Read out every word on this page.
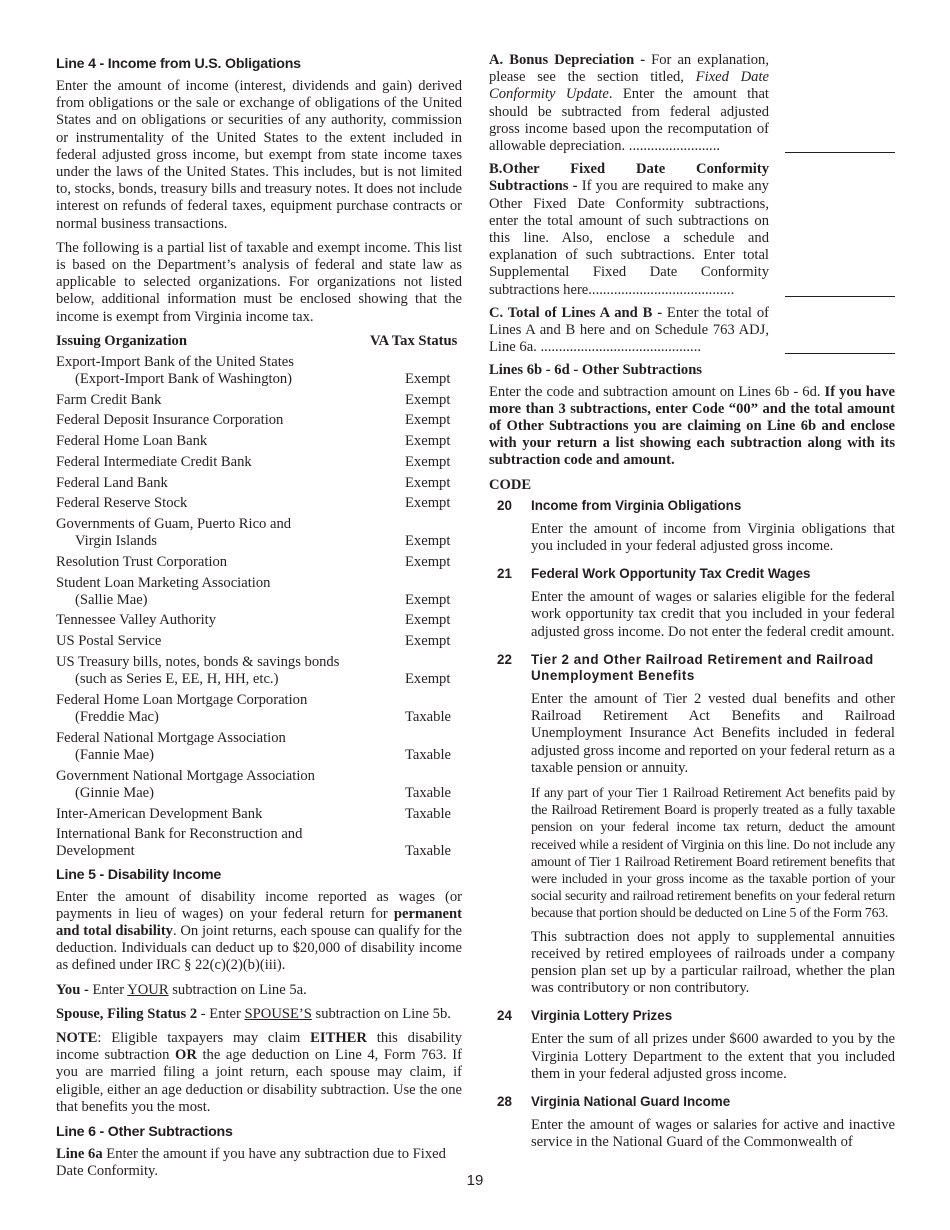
Line 4 - Income from U.S. Obligations

Enter the amount of income (interest, dividends and gain) derived from obligations or the sale or exchange of obligations of the United States and on obligations or securities of any authority, commission or instrumentality of the United States to the extent included in federal adjusted gross income, but exempt from state income taxes under the laws of the United States. This includes, but is not limited to, stocks, bonds, treasury bills and treasury notes. It does not include interest on refunds of federal taxes, equipment purchase contracts or normal business transactions.

The following is a partial list of taxable and exempt income. This list is based on the Department’s analysis of federal and state law as applicable to selected organizations. For organizations not listed below, additional information must be enclosed showing that the income is exempt from Virginia income tax.

Issuing Organization	VA Tax Status
Export-Import Bank of the United States
(Export-Import Bank of Washington)	Exempt
Farm Credit Bank	Exempt
Federal Deposit Insurance Corporation	Exempt
Federal Home Loan Bank	Exempt
Federal Intermediate Credit Bank	Exempt
Federal Land Bank	Exempt
Federal Reserve Stock	Exempt
Governments of Guam, Puerto Rico and
Virgin Islands	Exempt
Resolution Trust Corporation	Exempt
Student Loan Marketing Association
(Sallie Mae)	Exempt
Tennessee Valley Authority	Exempt
US Postal Service	Exempt
US Treasury bills, notes, bonds & savings bonds
(such as Series E, EE, H, HH, etc.)	Exempt
Federal Home Loan Mortgage Corporation
(Freddie Mac)	Taxable
Federal National Mortgage Association
(Fannie Mae)	Taxable
Government National Mortgage Association
(Ginnie Mae)	Taxable
Inter-American Development Bank	Taxable
International Bank for Reconstruction and
Development	Taxable
Line 5 - Disability Income

Enter the amount of disability income reported as wages (or payments in lieu of wages) on your federal return for permanent and total disability. On joint returns, each spouse can qualify for the deduction. Individuals can deduct up to $20,000 of disability income as defined under IRC § 22(c)(2)(b)(iii).

You - Enter YOUR subtraction on Line 5a.

Spouse, Filing Status 2 - Enter SPOUSE’S subtraction on Line 5b.

NOTE: Eligible taxpayers may claim EITHER this disability income subtraction OR the age deduction on Line 4, Form 763. If you are married filing a joint return, each spouse may claim, if eligible, either an age deduction or disability subtraction. Use the one that benefits you the most.

Line 6 - Other Subtractions

Line 6a Enter the amount if you have any subtraction due to Fixed Date Conformity.

A. Bonus Depreciation - For an explanation, please see the section titled, Fixed Date Conformity Update. Enter the amount that should be subtracted from federal adjusted gross income based upon the recomputation of allowable depreciation. .........................
B.Other Fixed Date Conformity Subtractions - If you are required to make any Other Fixed Date Conformity subtractions, enter the total amount of such subtractions on this line. Also, enclose a schedule and explanation of such subtractions. Enter total Supplemental Fixed Date Conformity subtractions here........................................
C. Total of Lines A and B - Enter the total of Lines A and B here and on Schedule 763 ADJ, Line 6a. ............................................

Lines 6b - 6d - Other Subtractions

Enter the code and subtraction amount on Lines 6b - 6d. If you have more than 3 subtractions, enter Code “00” and the total amount of Other Subtractions you are claiming on Line 6b and enclose with your return a list showing each subtraction along with its subtraction code and amount.

CODE

20	Income from Virginia Obligations

Enter the amount of income from Virginia obligations that you included in your federal adjusted gross income.

21	Federal Work Opportunity Tax Credit Wages

Enter the amount of wages or salaries eligible for the federal work opportunity tax credit that you included in your federal adjusted gross income. Do not enter the federal credit amount.

22	Tier 2 and Other Railroad Retirement and Railroad Unemployment Benefits

Enter the amount of Tier 2 vested dual benefits and other Railroad Retirement Act Benefits and Railroad Unemployment Insurance Act Benefits included in federal adjusted gross income and reported on your federal return as a taxable pension or annuity.

If any part of your Tier 1 Railroad Retirement Act benefits paid by the Railroad Retirement Board is properly treated as a fully taxable pension on your federal income tax return, deduct the amount received while a resident of Virginia on this line. Do not include any amount of Tier 1 Railroad Retirement Board retirement benefits that were included in your gross income as the taxable portion of your social security and railroad retirement benefits on your federal return because that portion should be deducted on Line 5 of the Form 763.

This subtraction does not apply to supplemental annuities received by retired employees of railroads under a company pension plan set up by a particular railroad, whether the plan was contributory or non contributory.

24	Virginia Lottery Prizes

Enter the sum of all prizes under $600 awarded to you by the Virginia Lottery Department to the extent that you included them in your federal adjusted gross income.

28	Virginia National Guard Income

Enter the amount of wages or salaries for active and inactive service in the National Guard of the Commonwealth of

19
